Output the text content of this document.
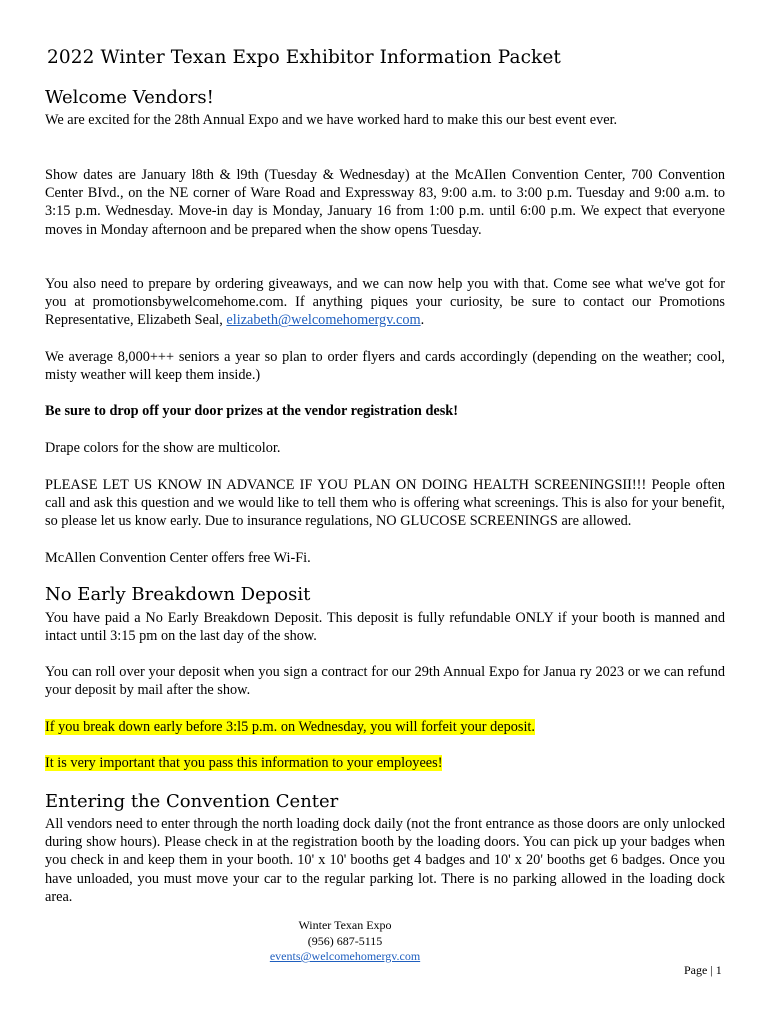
2022 Winter Texan Expo Exhibitor Information Packet
Welcome Vendors!

We are excited for the 28th Annual Expo and we have worked hard to make this our best event ever.

Show dates are January l8th & l9th (Tuesday & Wednesday) at the McAIlen Convention Center, 700 Convention Center BIvd., on the NE corner of Ware Road and Expressway 83, 9:00 a.m. to 3:00 p.m. Tuesday and 9:00 a.m. to 3:15 p.m. Wednesday. Move-in day is Monday, January 16 from 1:00 p.m. until 6:00 p.m. We expect that everyone moves in Monday afternoon and be prepared when the show opens Tuesday.

You also need to prepare by ordering giveaways, and we can now help you with that. Come see what we've got for you at promotionsbywelcomehome.com. If anything piques your curiosity, be sure to contact our Promotions Representative, Elizabeth Seal, elizabeth@welcomehomergv.com.

We average 8,000+++ seniors a year so plan to order flyers and cards accordingly (depending on the weather; cool, misty weather will keep them inside.)

Be sure to drop off your door prizes at the vendor registration desk!

Drape colors for the show are multicolor.

PLEASE LET US KNOW IN ADVANCE IF YOU PLAN ON DOING HEALTH SCREENINGSII!!! People often call and ask this question and we would like to tell them who is offering what screenings. This is also for your benefit, so please let us know early. Due to insurance regulations, NO GLUCOSE SCREENINGS are allowed.

McAllen Convention Center offers free Wi-Fi.

No Early Breakdown Deposit

You have paid a No Early Breakdown Deposit. This deposit is fully refundable ONLY if your booth is manned and intact until 3:15 pm on the last day of the show.

You can roll over your deposit when you sign a contract for our 29th Annual Expo for Janua ry 2023 or we can refund your deposit by mail after the show.

If you break down early before 3:l5 p.m. on Wednesday, you will forfeit your deposit.

It is very important that you pass this information to your employees!

Entering the Convention Center

All vendors need to enter through the north loading dock daily (not the front entrance as those doors are only unlocked during show hours). Please check in at the registration booth by the loading doors. You can pick up your badges when you check in and keep them in your booth. 10' x 10' booths get 4 badges and 10' x 20' booths get 6 badges. Once you have unloaded, you must move your car to the regular parking lot. There is no parking allowed in the loading dock area.

Winter Texan Expo
(956) 687-5115
events@welcomehomergv.com
Page | 1
